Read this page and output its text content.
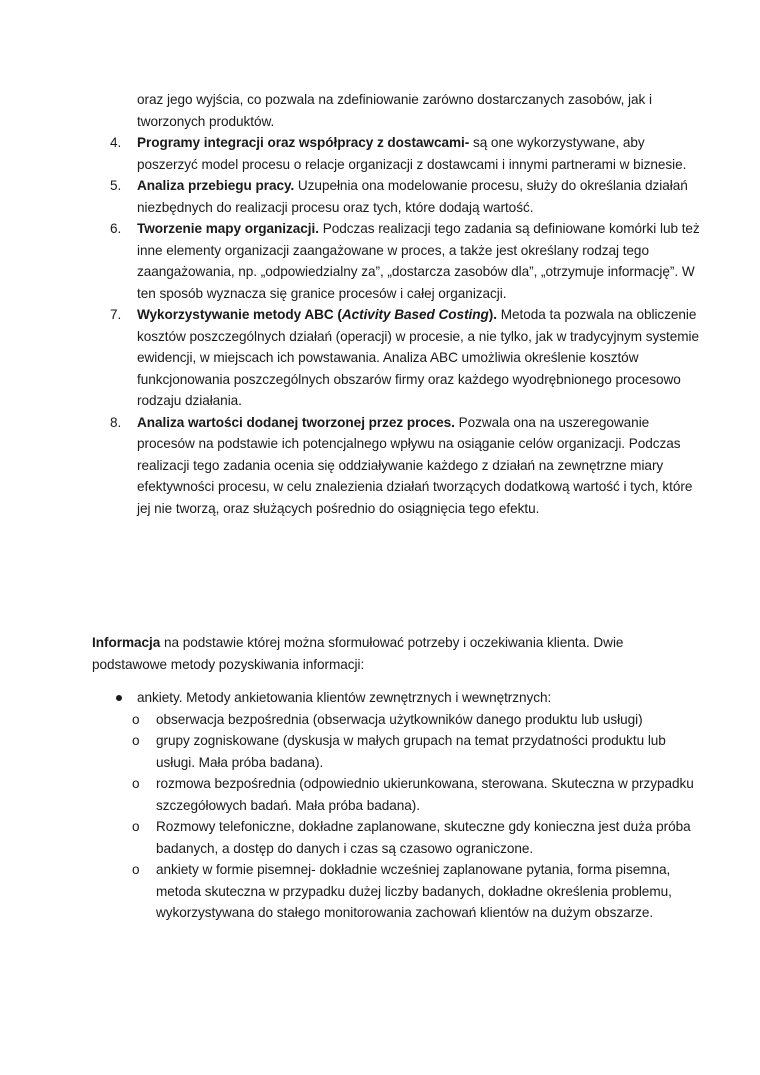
oraz jego wyjścia, co pozwala na zdefiniowanie zarówno dostarczanych zasobów, jak i tworzonych produktów.

4. Programy integracji oraz współpracy z dostawcami- są one wykorzystywane, aby poszerzyć model procesu o relacje organizacji z dostawcami i innymi partnerami w biznesie.
5. Analiza przebiegu pracy. Uzupełnia ona modelowanie procesu, służy do określania działań niezbędnych do realizacji procesu oraz tych, które dodają wartość.
6. Tworzenie mapy organizacji. Podczas realizacji tego zadania są definiowane komórki lub też inne elementy organizacji zaangażowane w proces, a także jest określany rodzaj tego zaangażowania, np. „odpowiedzialny za”, „dostarcza zasobów dla”, „otrzymuje informację”. W ten sposób wyznacza się granice procesów i całej organizacji.
7. Wykorzystywanie metody ABC (Activity Based Costing). Metoda ta pozwala na obliczenie kosztów poszczególnych działań (operacji) w procesie, a nie tylko, jak w tradycyjnym systemie ewidencji, w miejscach ich powstawania. Analiza ABC umożliwia określenie kosztów funkcjonowania poszczególnych obszarów firmy oraz każdego wyodrębnionego procesowo rodzaju działania.
8. Analiza wartości dodanej tworzonej przez proces. Pozwala ona na uszeregowanie procesów na podstawie ich potencjalnego wpływu na osiąganie celów organizacji. Podczas realizacji tego zadania ocenia się oddziaływanie każdego z działań na zewnętrzne miary efektywności procesu, w celu znalezienia działań tworzących dodatkową wartość i tych, które jej nie tworzą, oraz służących pośrednio do osiągnięcia tego efektu.

Informacja na podstawie której można sformułować potrzeby i oczekiwania klienta. Dwie podstawowe metody pozyskiwania informacji:

ankiety. Metody ankietowania klientów zewnętrznych i wewnętrznych:
o obserwacja bezpośrednia (obserwacja użytkowników danego produktu lub usługi)
o grupy zogniskowane (dyskusja w małych grupach na temat przydatności produktu lub usługi. Mała próba badana).
o rozmowa bezpośrednia (odpowiednio ukierunkowana, sterowana. Skuteczna w przypadku szczegółowych badań. Mała próba badana).
o Rozmowy telefoniczne, dokładne zaplanowane, skuteczne gdy konieczna jest duża próba badanych, a dostęp do danych i czas są czasowo ograniczone.
o ankiety w formie pisemnej- dokładnie wcześniej zaplanowane pytania, forma pisemna, metoda skuteczna w przypadku dużej liczby badanych, dokładne określenia problemu, wykorzystywana do stałego monitorowania zachowań klientów na dużym obszarze.
